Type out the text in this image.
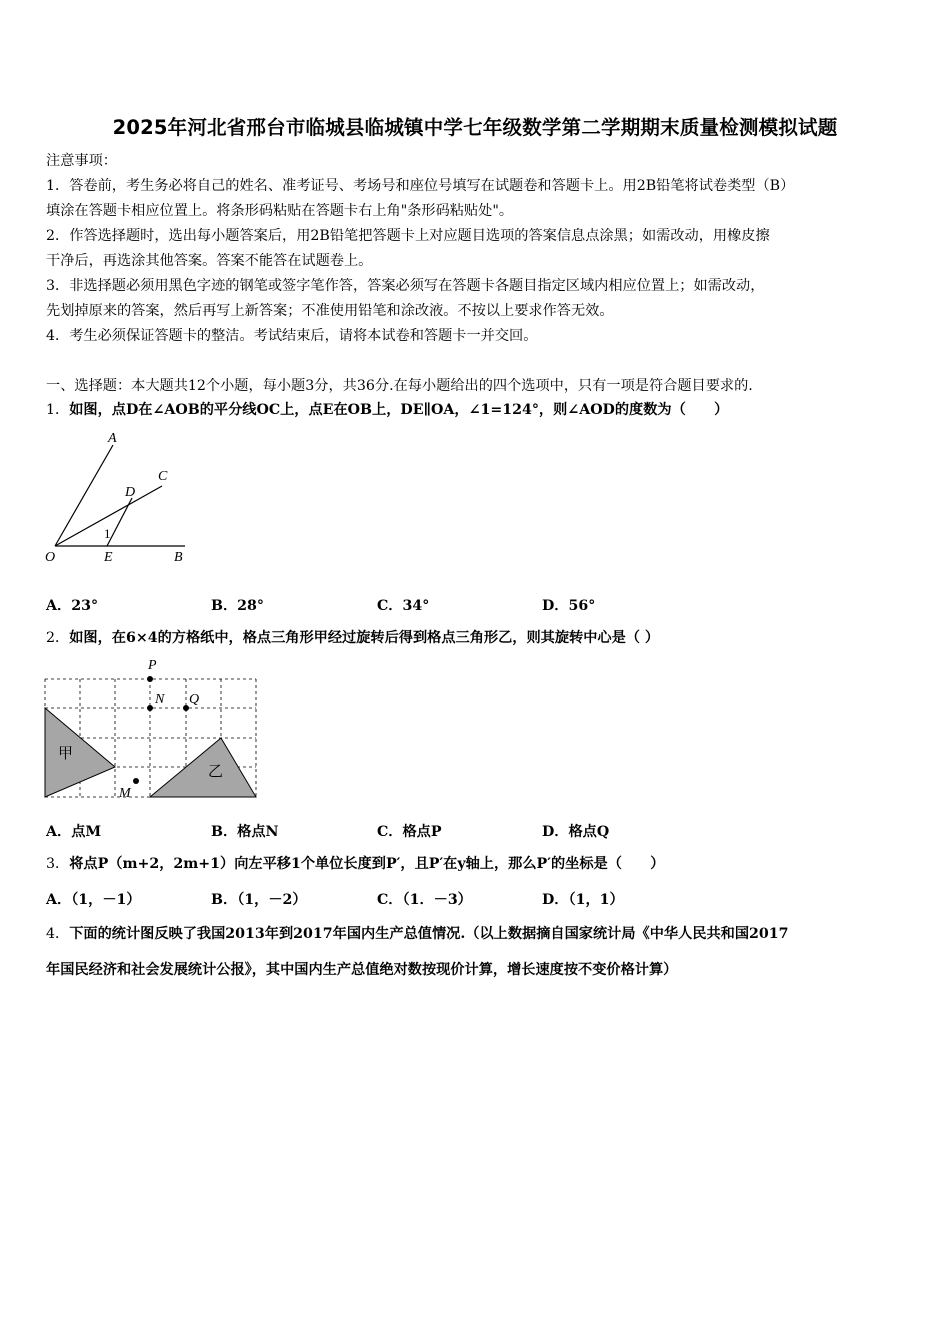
2025年河北省邢台市临城县临城镇中学七年级数学第二学期期末质量检测模拟试题
注意事项：
1．答卷前，考生务必将自己的姓名、准考证号、考场号和座位号填写在试题卷和答题卡上。用2B铅笔将试卷类型（B）
填涂在答题卡相应位置上。将条形码粘贴在答题卡右上角"条形码粘贴处"。
2．作答选择题时，选出每小题答案后，用2B铅笔把答题卡上对应题目选项的答案信息点涂黑；如需改动，用橡皮擦
干净后，再选涂其他答案。答案不能答在试题卷上。
3．非选择题必须用黑色字迹的钢笔或签字笔作答，答案必须写在答题卡各题目指定区域内相应位置上；如需改动，
先划掉原来的答案，然后再写上新答案；不准使用铅笔和涂改液。不按以上要求作答无效。
4．考生必须保证答题卡的整洁。考试结束后，请将本试卷和答题卡一并交回。
一、选择题：本大题共12个小题，每小题3分，共36分.在每小题给出的四个选项中，只有一项是符合题目要求的.
1．如图，点D在∠AOB的平分线OC上，点E在OB上，DE∥OA，∠1=124°，则∠AOD的度数为（　　）
A
C
D
O	E	B
1
A．23°	B．28°	C．34°	D．56°
2．如图，在6×4的方格纸中，格点三角形甲经过旋转后得到格点三角形乙，则其旋转中心是（ ）
甲
乙
P
N Q
M
A．点M	B．格点N	C．格点P	D．格点Q
3．将点P（m+2，2m+1）向左平移1个单位长度到P′，且P′在y轴上，那么P′的坐标是（　　）
A．（1，－1）	B．（1，－2）	C．（1．－3）	D．（1，1）
4．下面的统计图反映了我国2013年到2017年国内生产总值情况.（以上数据摘自国家统计局《中华人民共和国2017
年国民经济和社会发展统计公报》，其中国内生产总值绝对数按现价计算，增长速度按不变价格计算）
